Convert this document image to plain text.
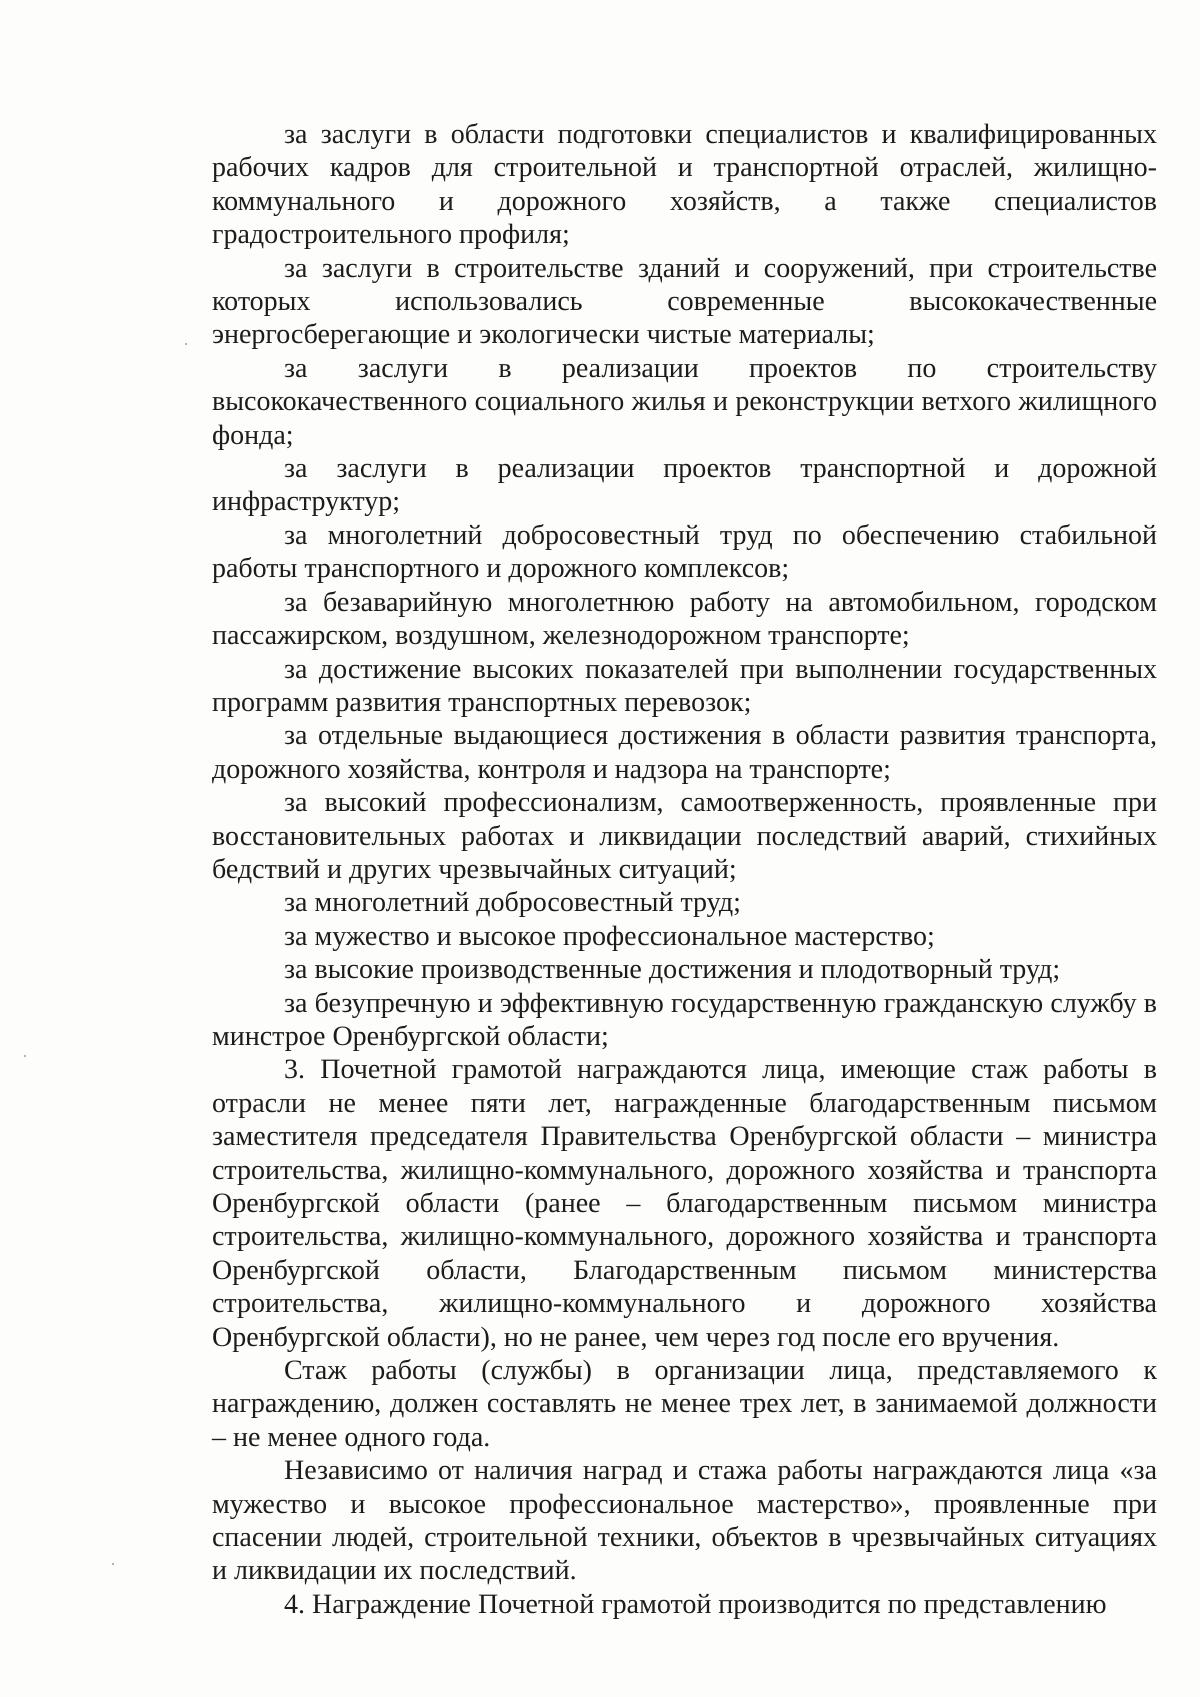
за заслуги в области подготовки специалистов и квалифицированных рабочих кадров для строительной и транспортной отраслей, жилищно-коммунального и дорожного хозяйств, а также специалистов градостроительного профиля;

за заслуги в строительстве зданий и сооружений, при строительстве которых использовались современные высококачественные энергосберегающие и экологически чистые материалы;

за заслуги в реализации проектов по строительству высококачественного социального жилья и реконструкции ветхого жилищного фонда;

за заслуги в реализации проектов транспортной и дорожной инфраструктур;

за многолетний добросовестный труд по обеспечению стабильной работы транспортного и дорожного комплексов;

за безаварийную многолетнюю работу на автомобильном, городском пассажирском, воздушном, железнодорожном транспорте;

за достижение высоких показателей при выполнении государственных программ развития транспортных перевозок;

за отдельные выдающиеся достижения в области развития транспорта, дорожного хозяйства, контроля и надзора на транспорте;

за высокий профессионализм, самоотверженность, проявленные при восстановительных работах и ликвидации последствий аварий, стихийных бедствий и других чрезвычайных ситуаций;

за многолетний добросовестный труд;

за мужество и высокое профессиональное мастерство;

за высокие производственные достижения и плодотворный труд;

за безупречную и эффективную государственную гражданскую службу в минстрое Оренбургской области;

3. Почетной грамотой награждаются лица, имеющие стаж работы в отрасли не менее пяти лет, награжденные благодарственным письмом заместителя председателя Правительства Оренбургской области – министра строительства, жилищно-коммунального, дорожного хозяйства и транспорта Оренбургской области (ранее – благодарственным письмом министра строительства, жилищно-коммунального, дорожного хозяйства и транспорта Оренбургской области, Благодарственным письмом министерства строительства, жилищно-коммунального и дорожного хозяйства Оренбургской области), но не ранее, чем через год после его вручения.

Стаж работы (службы) в организации лица, представляемого к награждению, должен составлять не менее трех лет, в занимаемой должности – не менее одного года.

Независимо от наличия наград и стажа работы награждаются лица «за мужество и высокое профессиональное мастерство», проявленные при спасении людей, строительной техники, объектов в чрезвычайных ситуациях и ликвидации их последствий.

4. Награждение Почетной грамотой производится по представлению
